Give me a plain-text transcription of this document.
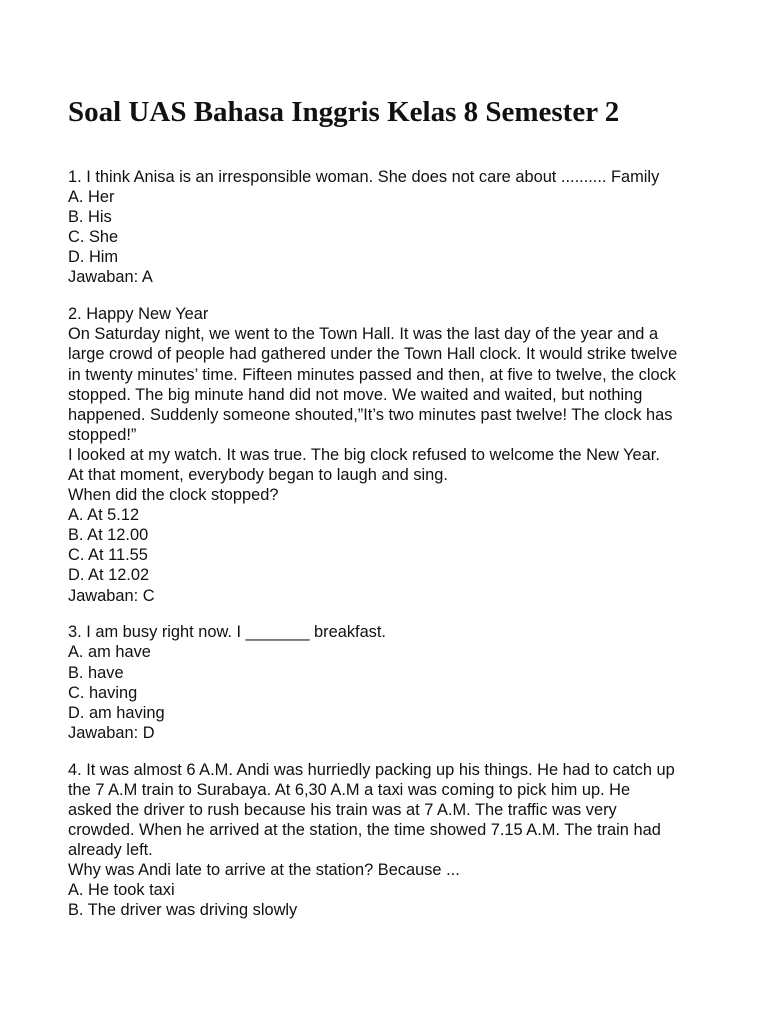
Soal UAS Bahasa Inggris Kelas 8 Semester 2
1. I think Anisa is an irresponsible woman. She does not care about .......... Family
A. Her
B. His
C. She
D. Him
Jawaban: A
2. Happy New Year
On Saturday night, we went to the Town Hall. It was the last day of the year and a
large crowd of people had gathered under the Town Hall clock. It would strike twelve
in twenty minutes’ time. Fifteen minutes passed and then, at five to twelve, the clock
stopped. The big minute hand did not move. We waited and waited, but nothing
happened. Suddenly someone shouted,”It’s two minutes past twelve! The clock has
stopped!”
I looked at my watch. It was true. The big clock refused to welcome the New Year.
At that moment, everybody began to laugh and sing.
When did the clock stopped?
A. At 5.12
B. At 12.00
C. At 11.55
D. At 12.02
Jawaban: C
3. I am busy right now. I _______ breakfast.
A. am have
B. have
C. having
D. am having
Jawaban: D
4. It was almost 6 A.M. Andi was hurriedly packing up his things. He had to catch up
the 7 A.M train to Surabaya. At 6,30 A.M a taxi was coming to pick him up. He
asked the driver to rush because his train was at 7 A.M. The traffic was very
crowded. When he arrived at the station, the time showed 7.15 A.M. The train had
already left.
Why was Andi late to arrive at the station? Because ...
A. He took taxi
B. The driver was driving slowly
